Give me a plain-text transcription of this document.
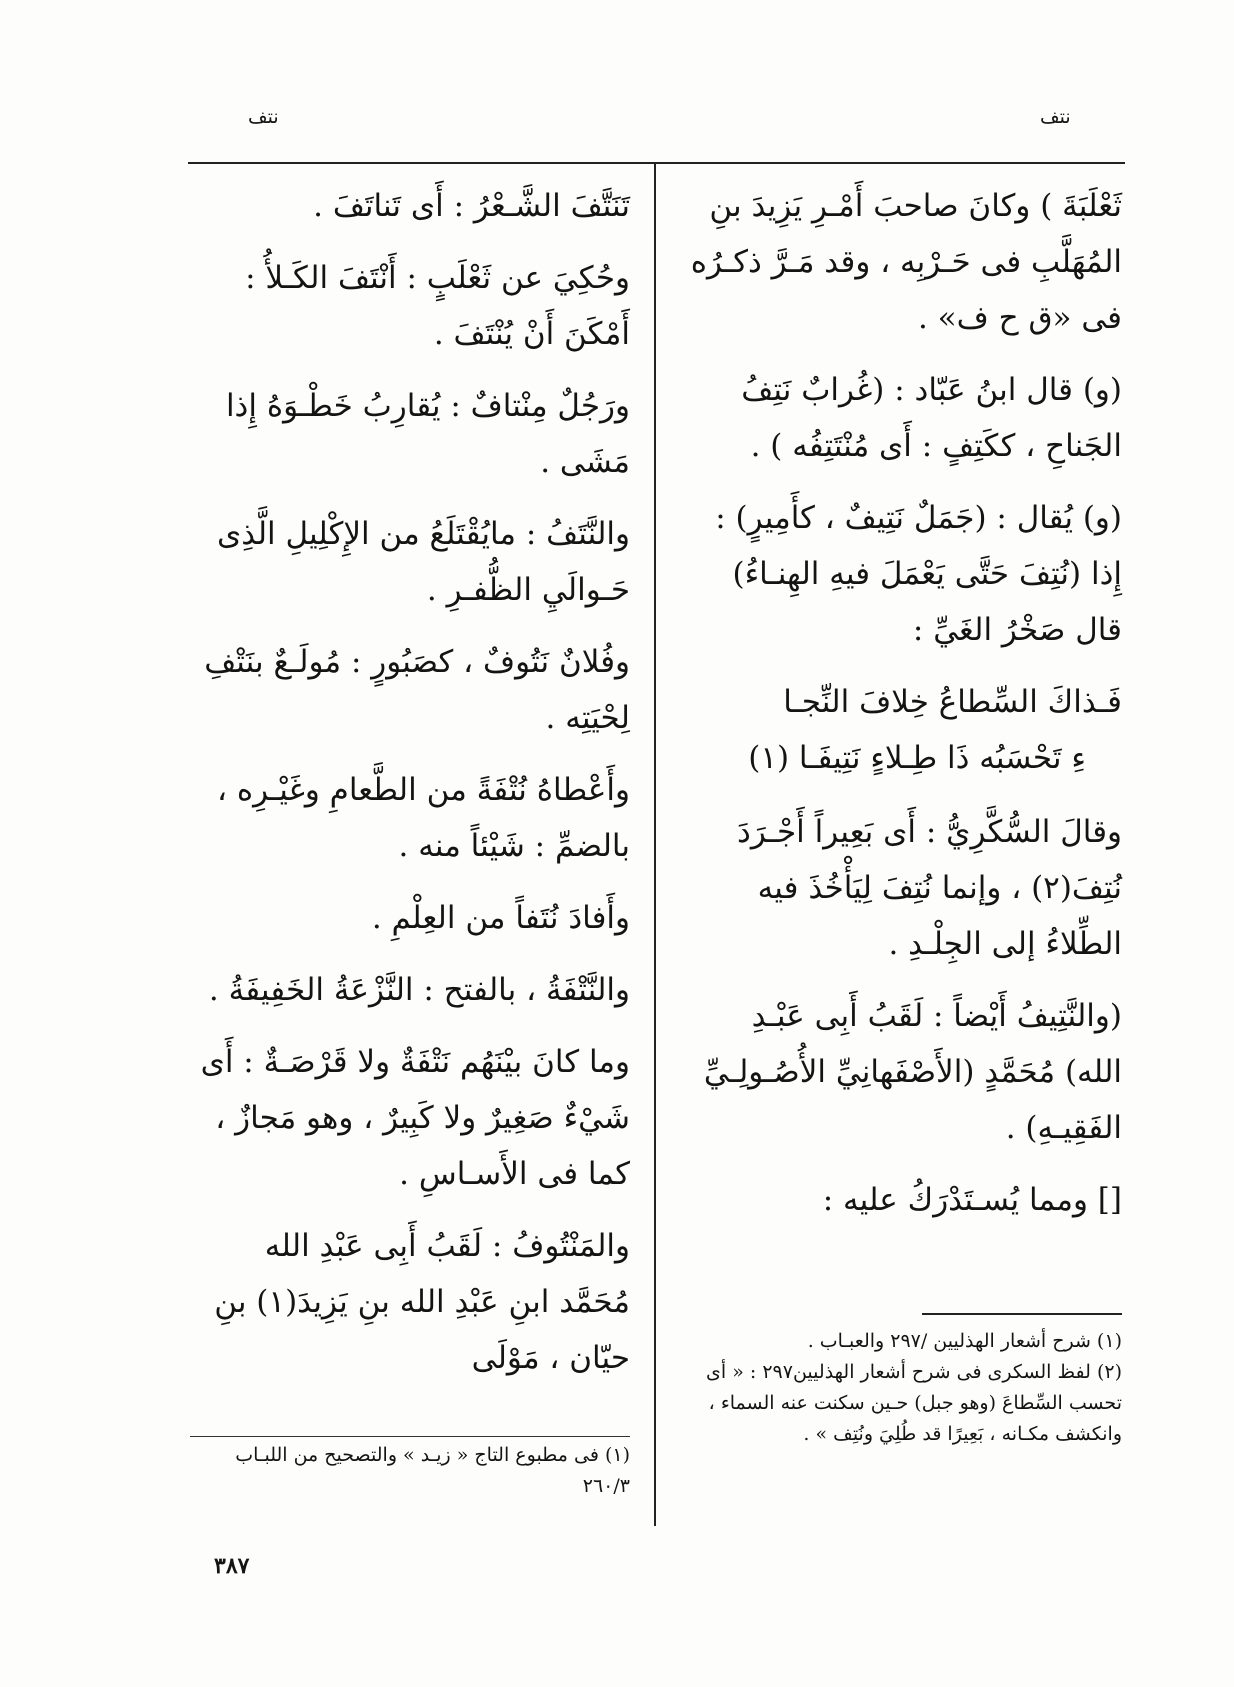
نتف	نتف

ثَعْلَبَةَ ) وكانَ صاحبَ أَمْـرِ يَزِيدَ بنِ المُهَلَّبِ فى حَـرْبِه ، وقد مَـرَّ ذكـرُه فى «ق ح ف» .

(و) قال ابنُ عَبّاد : (غُرابٌ نَتِفُ الجَناحِ ، ككَتِفٍ : أَى مُنْتَتِفُه ) .

(و) يُقال : (جَمَلٌ نَتِيفٌ ، كأَمِيرٍ) : إِذا (نُتِفَ حَتَّى يَعْمَلَ فيهِ الهِنـاءُ) قال صَخْرُ الغَيِّ :

فَـذاكَ السِّطاعُ خِلافَ النِّجـا

ءِ تَحْسَبُه ذَا طِـلاءٍ نَتِيفَـا (١)

وقالَ السُّكَّرِيُّ : أَى بَعِيراً أَجْـرَدَ نُتِفَ(٢) ، وإنما نُتِفَ لِيَأْخُذَ فيه الطِّلاءُ إلى الجِلْـدِ .

(والنَّتِيفُ أَيْضاً : لَقَبُ أَبِى عَبْـدِ الله) مُحَمَّدٍ (الأَصْفَهانِيِّ الأُصُـولِـيِّ الفَقِيـهِ) .

[] ومما يُسـتَدْرَكُ عليه :

تَنَتَّفَ الشَّـعْرُ : أَى تَناتَفَ .

وحُكِيَ عن ثَعْلَبٍ : أَنْتَفَ الكَـلأُ : أَمْكَنَ أَنْ يُنْتَفَ .

ورَجُلٌ مِنْتافٌ : يُقارِبُ خَطْـوَهُ إِذا مَشَى .

والنَّتَفُ : مايُقْتَلَعُ من الإِكْلِيلِ الَّذِى حَـوالَيِ الظُّفـرِ .

وفُلانٌ نَتُوفٌ ، كصَبُورٍ : مُولَـعٌ بنَتْفِ لِحْيَتِه .

وأَعْطاهُ نُتْفَةً من الطَّعامِ وغَيْـرِه ، بالضمِّ : شَيْئاً منه .

وأَفادَ نُتَفاً من العِلْمِ .

والنَّتْفَةُ ، بالفتح : النَّزْعَةُ الخَفِيفَةُ .

وما كانَ بيْنَهُم نَتْفَةٌ ولا قَرْصَـةٌ : أَى شَيْءٌ صَغِيرٌ ولا كَبِيرٌ ، وهو مَجازٌ ، كما فى الأَسـاسِ .

والمَنْتُوفُ : لَقَبُ أَبِى عَبْدِ الله مُحَمَّد ابنِ عَبْدِ الله بنِ يَزِيدَ(١) بنِ حيّان ، مَوْلَى	(١) شرح أشعار الهذليين /٢٩٧ والعبـاب .

(٢) لفظ السكرى فى شرح أشعار الهذليين٢٩٧ : « أى تحسب السِّطاعَ (وهو جبل) حـين سكنت عنه السماء ، وانكشف مكـانه ، بَعِيرًا قد طُلِيَ ونُتِف » .

(١) فى مطبوع التاج « زيـد » والتصحيح من اللبـاب ٢٦٠/٣

٣٨٧
